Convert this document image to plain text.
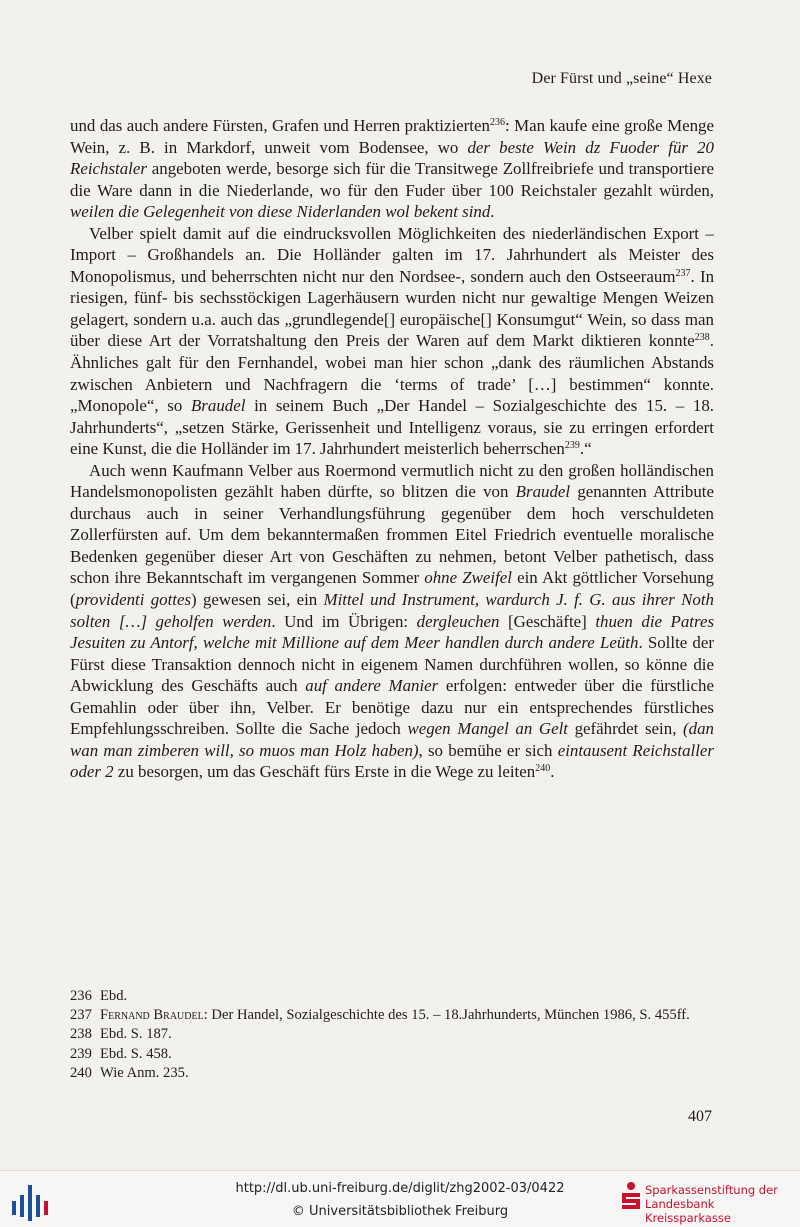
Der Fürst und „seine“ Hexe

und das auch andere Fürsten, Grafen und Herren praktizierten$^{236}$: Man kaufe eine große Menge Wein, z. B. in Markdorf, unweit vom Bodensee, wo der beste Wein dz Fuoder für 20 Reichstaler angeboten werde, besorge sich für die Transitwege Zollfreibriefe und transportiere die Ware dann in die Niederlande, wo für den Fuder über 100 Reichstaler gezahlt würden, weilen die Gelegenheit von diese Niderlanden wol bekent sind.

Velber spielt damit auf die eindrucksvollen Möglichkeiten des niederländischen Export – Import – Großhandels an. Die Holländer galten im 17. Jahrhundert als Meister des Monopolismus, und beherrschten nicht nur den Nordsee-, sondern auch den Ostseeraum$^{237}$. In riesigen, fünf- bis sechsstöckigen Lagerhäusern wurden nicht nur gewaltige Mengen Weizen gelagert, sondern u.a. auch das „grundlegende[] europäische[] Konsumgut“ Wein, so dass man über diese Art der Vorratshaltung den Preis der Waren auf dem Markt diktieren konnte$^{238}$. Ähnliches galt für den Fernhandel, wobei man hier schon „dank des räumlichen Abstands zwischen Anbietern und Nachfragern die ‘terms of trade’ […] bestimmen“ konnte. „Monopole“, so Braudel in seinem Buch „Der Handel – Sozialgeschichte des 15. – 18. Jahrhunderts“, „setzen Stärke, Gerissenheit und Intelligenz voraus, sie zu erringen erfordert eine Kunst, die die Holländer im 17. Jahrhundert meisterlich beherrschen$^{239}$.“

Auch wenn Kaufmann Velber aus Roermond vermutlich nicht zu den großen holländischen Handelsmonopolisten gezählt haben dürfte, so blitzen die von Braudel genannten Attribute durchaus auch in seiner Verhandlungsführung gegenüber dem hoch verschuldeten Zollerfürsten auf. Um dem bekanntermaßen frommen Eitel Friedrich eventuelle moralische Bedenken gegenüber dieser Art von Geschäften zu nehmen, betont Velber pathetisch, dass schon ihre Bekanntschaft im vergangenen Sommer ohne Zweifel ein Akt göttlicher Vorsehung (providenti gottes) gewesen sei, ein Mittel und Instrument, wardurch J. f. G. aus ihrer Noth solten […] geholfen werden. Und im Übrigen: dergleuchen [Geschäfte] thuen die Patres Jesuiten zu Antorf, welche mit Millione auf dem Meer handlen durch andere Leüth. Sollte der Fürst diese Transaktion dennoch nicht in eigenem Namen durchführen wollen, so könne die Abwicklung des Geschäfts auch auf andere Manier erfolgen: entweder über die fürstliche Gemahlin oder über ihn, Velber. Er benötige dazu nur ein entsprechendes fürstliches Empfehlungsschreiben. Sollte die Sache jedoch wegen Mangel an Gelt gefährdet sein, (dan wan man zimberen will, so muos man Holz haben), so bemühe er sich eintausent Reichstaller oder 2 zu besorgen, um das Geschäft fürs Erste in die Wege zu leiten$^{240}$.

236 Ebd.
237 Fernand Braudel: Der Handel, Sozialgeschichte des 15. – 18.Jahrhunderts, München 1986, S. 455ff.
238 Ebd. S. 187.
239 Ebd. S. 458.
240 Wie Anm. 235.
407
http://dl.ub.uni-freiburg.de/diglit/zhg2002-03/0422
© Universitätsbibliothek Freiburg
Sparkassenstiftung der
Landesbank Kreissparkasse
